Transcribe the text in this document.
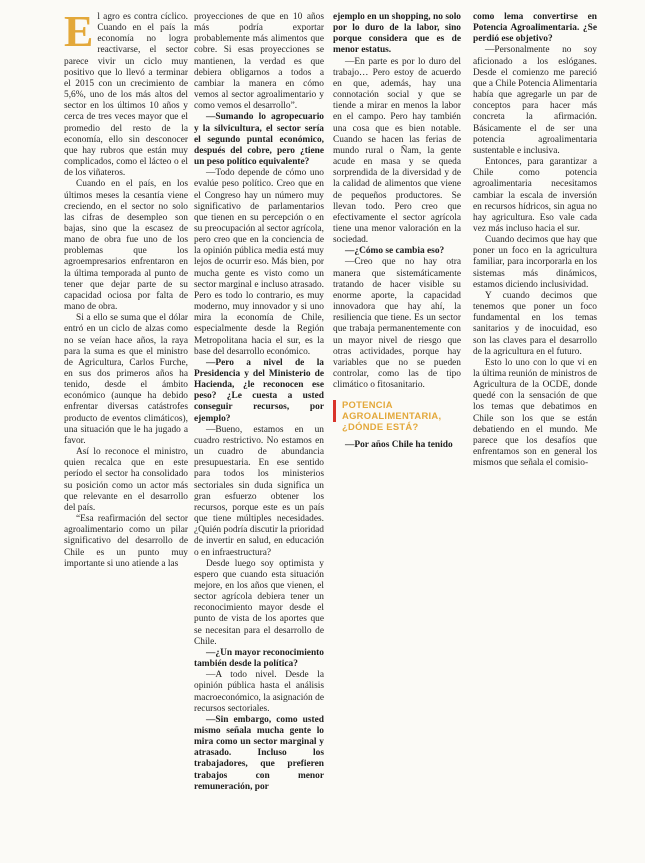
E l agro es contra cíclico. Cuando en el país la economía no logra reactivarse, el sector parece vivir un ciclo muy positivo que lo llevó a terminar el 2015 con un crecimiento de 5,6%, uno de los más altos del sector en los últimos 10 años y cerca de tres veces mayor que el promedio del resto de la economía, ello sin desconocer que hay rubros que están muy complicados, como el lácteo o el de los viñateros.

Cuando en el país, en los últimos meses la cesantía viene creciendo, en el sector no solo las cifras de desempleo son bajas, sino que la escasez de mano de obra fue uno de los problemas que los agroempresarios enfrentaron en la última temporada al punto de tener que dejar parte de su capacidad ociosa por falta de mano de obra.

Si a ello se suma que el dólar entró en un ciclo de alzas como no se veían hace años, la raya para la suma es que el ministro de Agricultura, Carlos Furche, en sus dos primeros años ha tenido, desde el ámbito económico (aunque ha debido enfrentar diversas catástrofes producto de eventos climáticos), una situación que le ha jugado a favor.

Así lo reconoce el ministro, quien recalca que en este período el sector ha consolidado su posición como un actor más que relevante en el desarrollo del país.

“Esa reafirmación del sector agroalimentario como un pilar significativo del desarrollo de Chile es un punto muy importante si uno atiende a las

proyecciones de que en 10 años más podría exportar probablemente más alimentos que cobre. Si esas proyecciones se mantienen, la verdad es que debiera obligarnos a todos a cambiar la manera en cómo vemos al sector agroalimentario y como vemos el desarrollo”.

—Sumando lo agropecuario y la silvicultura, el sector sería el segundo puntal económico, después del cobre, pero ¿tiene un peso político equivalente?

—Todo depende de cómo uno evalúe peso político. Creo que en el Congreso hay un número muy significativo de parlamentarios que tienen en su percepción o en su preocupación al sector agrícola, pero creo que en la conciencia de la opinión pública media está muy lejos de ocurrir eso. Más bien, por mucha gente es visto como un sector marginal e incluso atrasado. Pero es todo lo contrario, es muy moderno, muy innovador y si uno mira la economía de Chile, especialmente desde la Región Metropolitana hacia el sur, es la base del desarrollo económico.

—Pero a nivel de la Presidencia y del Ministerio de Hacienda, ¿le reconocen ese peso? ¿Le cuesta a usted conseguir recursos, por ejemplo?

—Bueno, estamos en un cuadro restrictivo. No estamos en un cuadro de abundancia presupuestaria. En ese sentido para todos los ministerios sectoriales sin duda significa un gran esfuerzo obtener los recursos, porque este es un país que tiene múltiples necesidades. ¿Quién podría discutir la prioridad de invertir en salud, en educación o en infraestructura?

Desde luego soy optimista y espero que cuando esta situación mejore, en los años que vienen, el sector agrícola debiera tener un reconocimiento mayor desde el punto de vista de los aportes que se necesitan para el desarrollo de Chile.

—¿Un mayor reconocimiento también desde la política?

—A todo nivel. Desde la opinión pública hasta el análisis macroeconómico, la asignación de recursos sectoriales.

—Sin embargo, como usted mismo señala mucha gente lo mira como un sector marginal y atrasado. Incluso los trabajadores, que prefieren trabajos con menor remuneración, por

ejemplo en un shopping, no solo por lo duro de la labor, sino porque considera que es de menor estatus.

—En parte es por lo duro del trabajo… Pero estoy de acuerdo en que, además, hay una connotación social y que se tiende a mirar en menos la labor en el campo. Pero hay también una cosa que es bien notable. Cuando se hacen las ferias de mundo rural o Ñam, la gente acude en masa y se queda sorprendida de la diversidad y de la calidad de alimentos que viene de pequeños productores. Se llevan todo. Pero creo que efectivamente el sector agrícola tiene una menor valoración en la sociedad.

—¿Cómo se cambia eso?

—Creo que no hay otra manera que sistemáticamente tratando de hacer visible su enorme aporte, la capacidad innovadora que hay ahí, la resiliencia que tiene. Es un sector que trabaja permanentemente con un mayor nivel de riesgo que otras actividades, porque hay variables que no se pueden controlar, como las de tipo climático o fitosanitario.

POTENCIA AGROALIMENTARIA, ¿DÓNDE ESTÁ?

—Por años Chile ha tenido

como lema convertirse en Potencia Agroalimentaria. ¿Se perdió ese objetivo?

—Personalmente no soy aficionado a los eslóganes. Desde el comienzo me pareció que a Chile Potencia Alimentaria había que agregarle un par de conceptos para hacer más concreta la afirmación. Básicamente el de ser una potencia agroalimentaria sustentable e inclusiva.

Entonces, para garantizar a Chile como potencia agroalimentaria necesitamos cambiar la escala de inversión en recursos hídricos, sin agua no hay agricultura. Eso vale cada vez más incluso hacia el sur.

Cuando decimos que hay que poner un foco en la agricultura familiar, para incorporarla en los sistemas más dinámicos, estamos diciendo inclusividad.

Y cuando decimos que tenemos que poner un foco fundamental en los temas sanitarios y de inocuidad, eso son las claves para el desarrollo de la agricultura en el futuro.

Esto lo uno con lo que vi en la última reunión de ministros de Agricultura de la OCDE, donde quedé con la sensación de que los temas que debatimos en Chile son los que se están debatiendo en el mundo. Me parece que los desafíos que enfrentamos son en general los mismos que señala el comisio-
